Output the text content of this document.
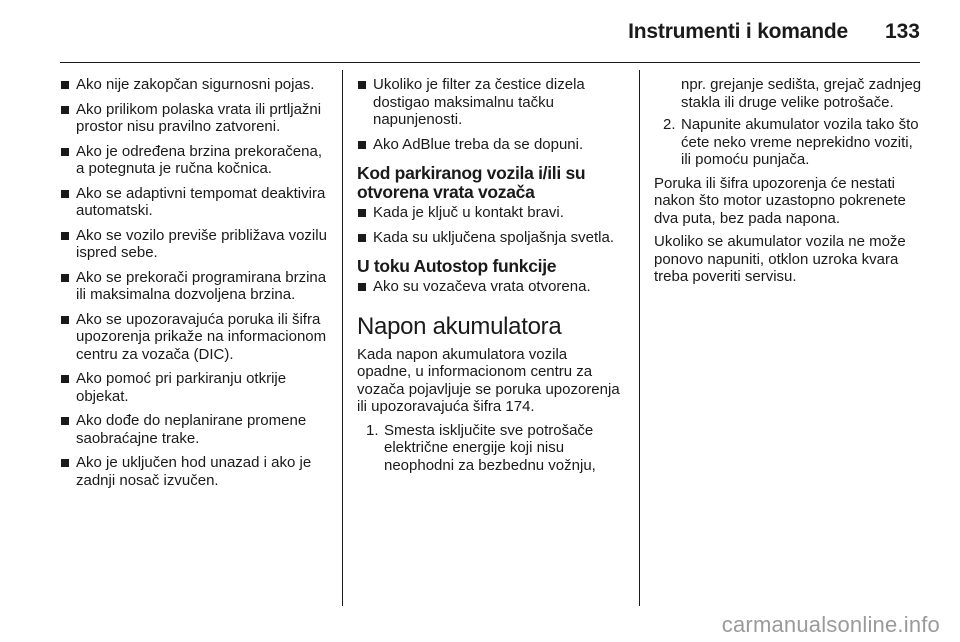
Instrumenti i komande 133
Ako nije zakopčan sigurnosni pojas.
Ako prilikom polaska vrata ili prtljažni prostor nisu pravilno zatvoreni.
Ako je određena brzina prekoračena, a potegnuta je ručna kočnica.
Ako se adaptivni tempomat deaktivira automatski.
Ako se vozilo previše približava vozilu ispred sebe.
Ako se prekorači programirana brzina ili maksimalna dozvoljena brzina.
Ako se upozoravajuća poruka ili šifra upozorenja prikaže na informacionom centru za vozača (DIC).
Ako pomoć pri parkiranju otkrije objekat.
Ako dođe do neplanirane promene saobraćajne trake.
Ako je uključen hod unazad i ako je zadnji nosač izvučen.
Ukoliko je filter za čestice dizela dostigao maksimalnu tačku napunjenosti.
Ako AdBlue treba da se dopuni.
Kod parkiranog vozila i/ili su otvorena vrata vozača
Kada je ključ u kontakt bravi.
Kada su uključena spoljašnja svetla.
U toku Autostop funkcije
Ako su vozačeva vrata otvorena.
Napon akumulatora

Kada napon akumulatora vozila opadne, u informacionom centru za vozača pojavljuje se poruka upozorenja ili upozoravajuća šifra 174.

1. Smesta isključite sve potrošače električne energije koji nisu neophodni za bezbednu vožnju,
npr. grejanje sedišta, grejač zadnjeg stakla ili druge velike potrošače.
2. Napunite akumulator vozila tako što ćete neko vreme neprekidno voziti, ili pomoću punjača.

Poruka ili šifra upozorenja će nestati nakon što motor uzastopno pokrenete dva puta, bez pada napona.

Ukoliko se akumulator vozila ne može ponovo napuniti, otklon uzroka kvara treba poveriti servisu.

carmanualsonline.info
